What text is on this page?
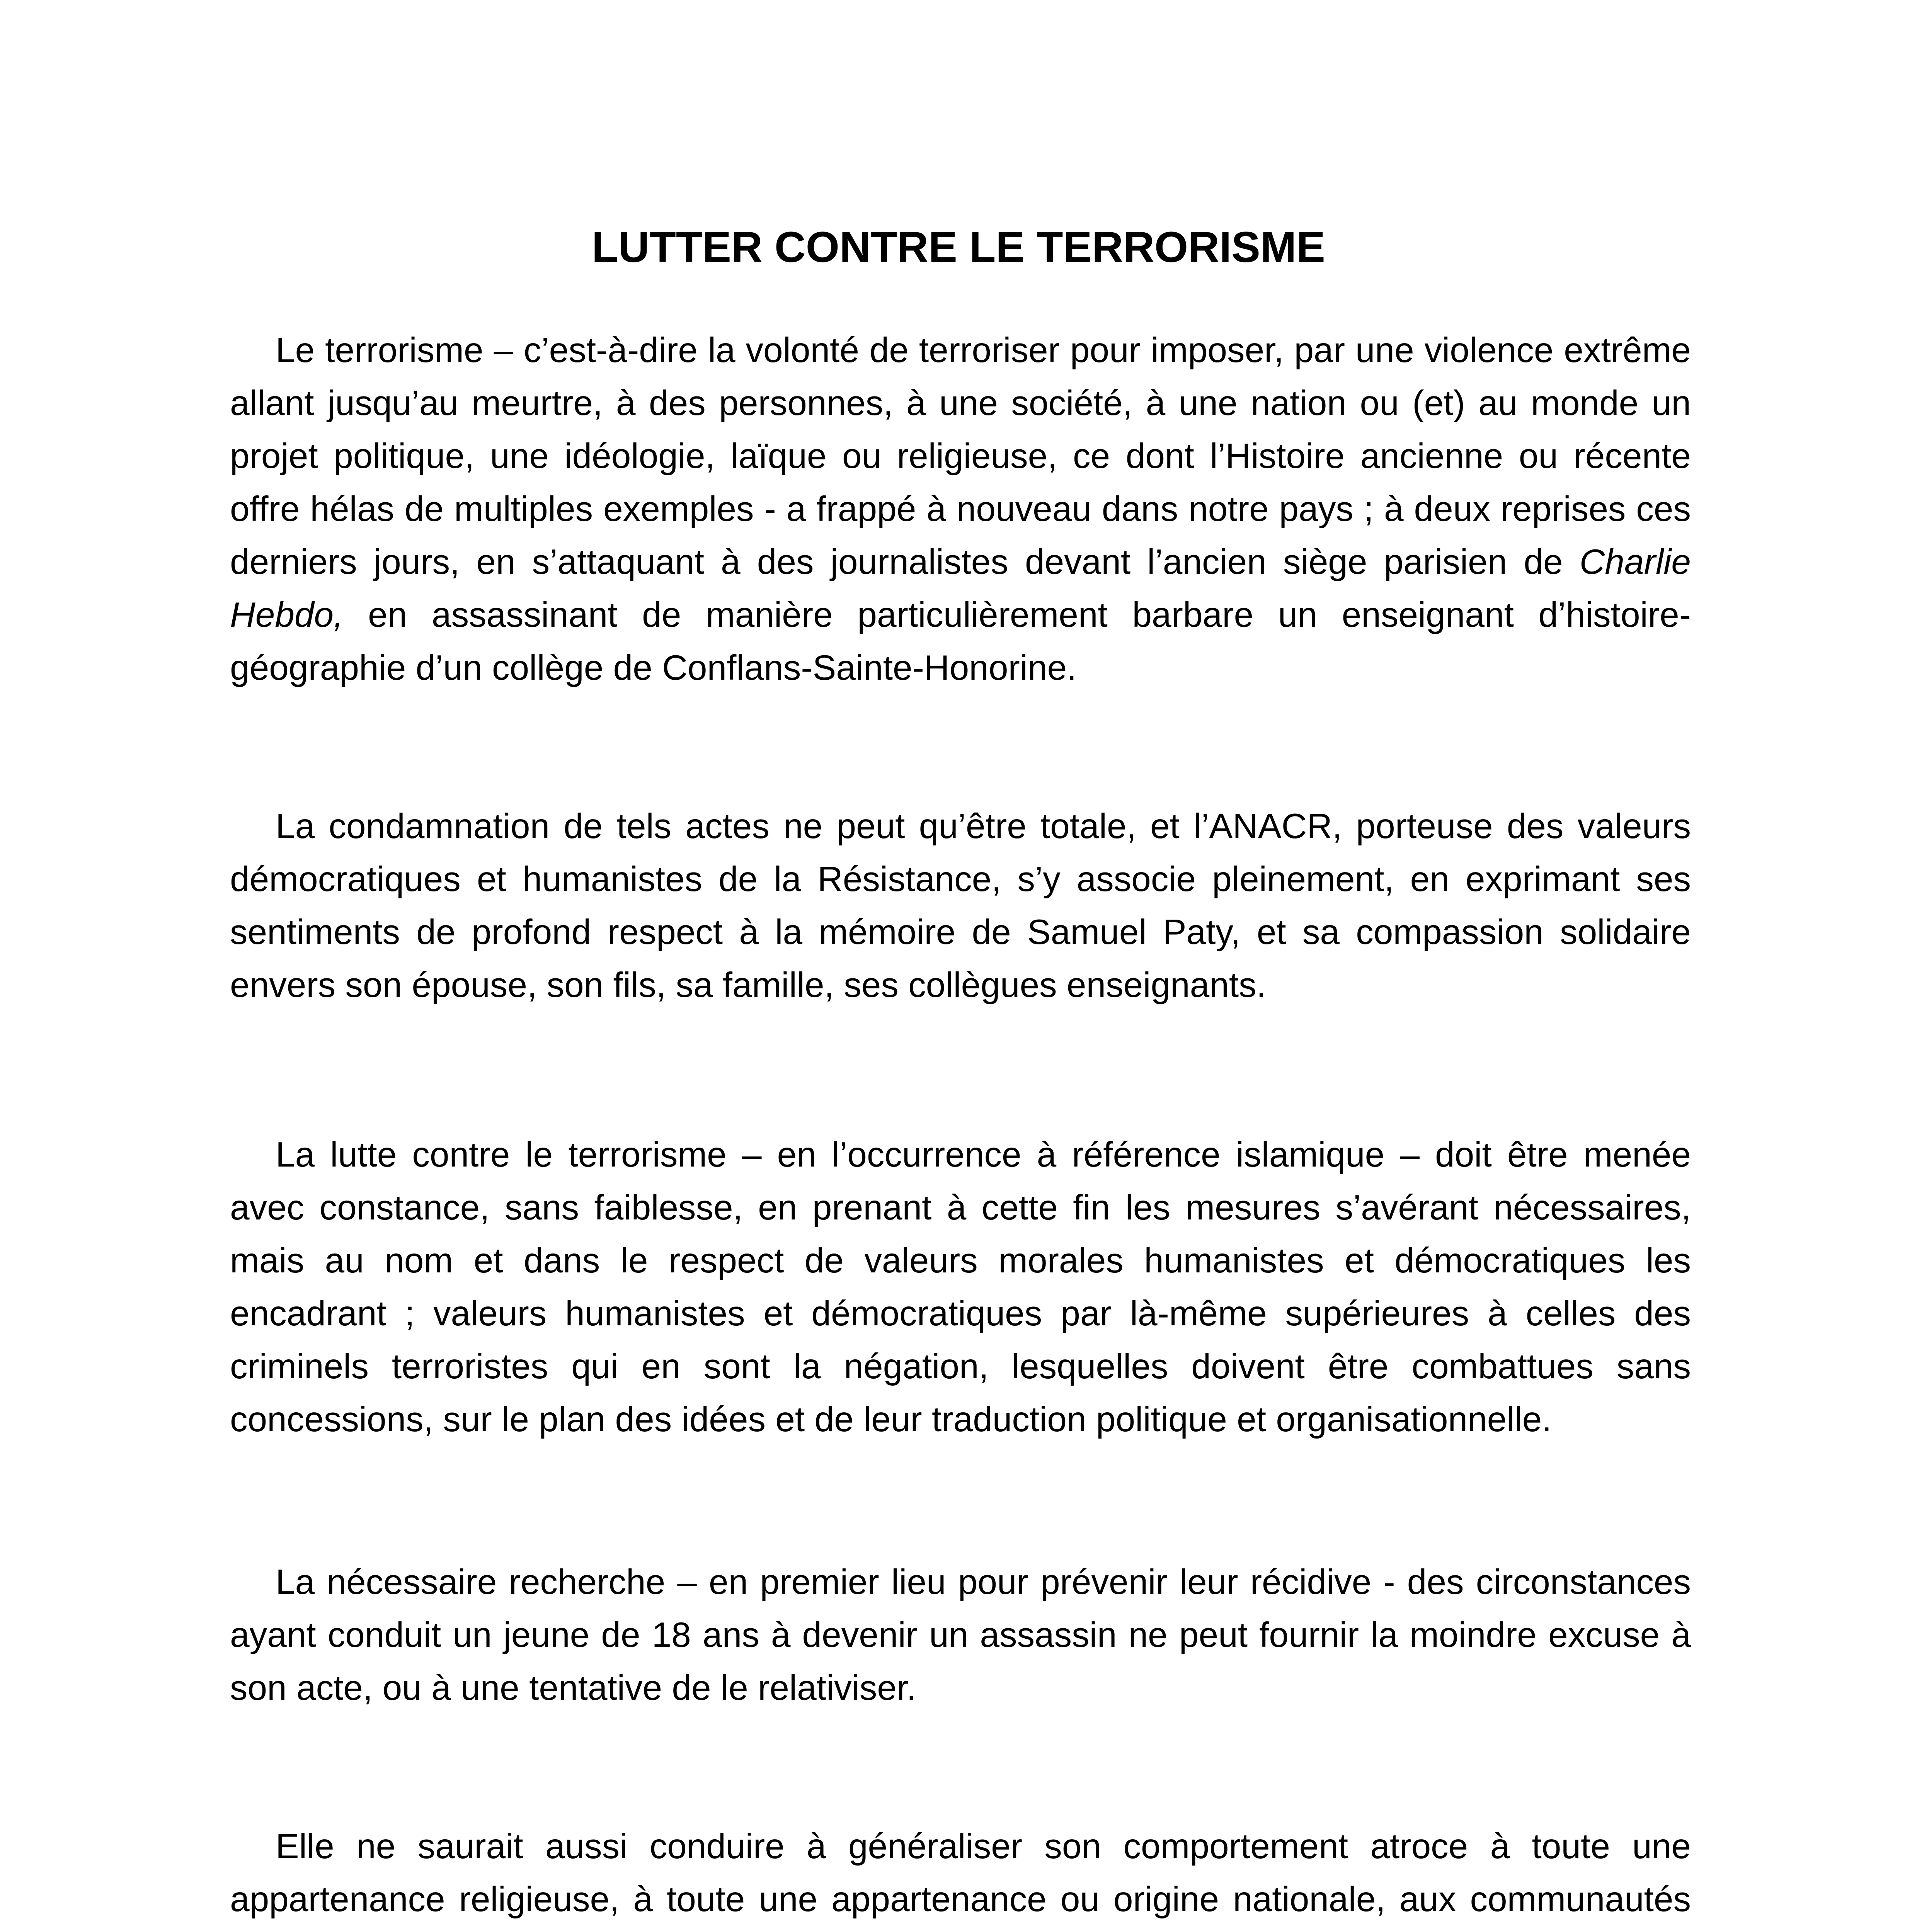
LUTTER CONTRE LE TERRORISME

Le terrorisme – c’est-à-dire la volonté de terroriser pour imposer, par une violence extrême allant jusqu’au meurtre, à des personnes, à une société, à une nation ou (et) au monde un projet politique, une idéologie, laïque ou religieuse, ce dont l’Histoire ancienne ou récente offre hélas de multiples exemples - a frappé à nouveau dans notre pays ; à deux reprises ces derniers jours, en s’attaquant à des journalistes devant l’ancien siège parisien de Charlie Hebdo, en assassinant de manière particulièrement barbare un enseignant d’histoire-géographie d’un collège de Conflans-Sainte-Honorine.

La condamnation de tels actes ne peut qu’être totale, et l’ANACR, porteuse des valeurs démocratiques et humanistes de la Résistance, s’y associe pleinement, en exprimant ses sentiments de profond respect à la mémoire de Samuel Paty, et sa compassion solidaire envers son épouse, son fils, sa famille, ses collègues enseignants.

La lutte contre le terrorisme – en l’occurrence à référence islamique – doit être menée avec constance, sans faiblesse, en prenant à cette fin les mesures s’avérant nécessaires, mais au nom et dans le respect de valeurs morales humanistes et démocratiques les encadrant ; valeurs humanistes et démocratiques par là-même supérieures à celles des criminels terroristes qui en sont la négation, lesquelles doivent être combattues sans concessions, sur le plan des idées et de leur traduction politique et organisationnelle.

La nécessaire recherche – en premier lieu pour prévenir leur récidive - des circonstances ayant conduit un jeune de 18 ans à devenir un assassin ne peut fournir la moindre excuse à son acte, ou à une tentative de le relativiser.

Elle ne saurait aussi conduire à généraliser son comportement atroce à toute une appartenance religieuse, à toute une appartenance ou origine nationale, aux communautés
